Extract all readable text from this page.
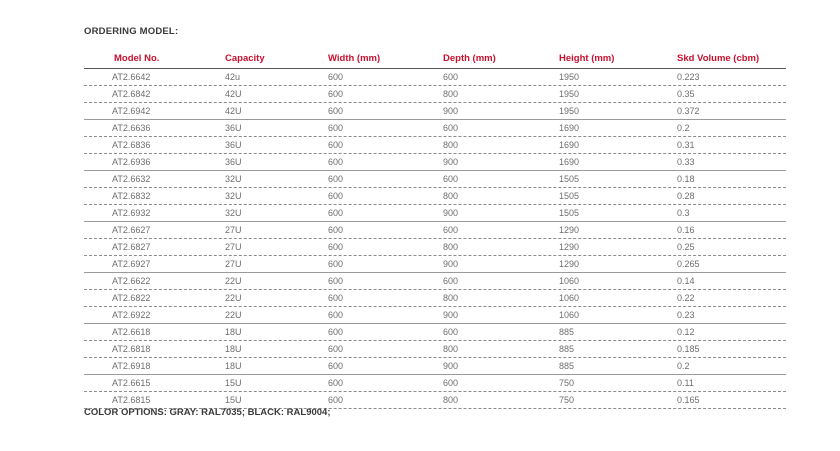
ORDERING MODEL:
Model No.	Capacity	Width (mm)	Depth (mm)	Height (mm)	Skd Volume (cbm)
AT2.6642	42u	600	600	1950	0.223
AT2.6842	42U	600	800	1950	0.35
AT2.6942	42U	600	900	1950	0.372
AT2.6636	36U	600	600	1690	0.2
AT2.6836	36U	600	800	1690	0.31
AT2.6936	36U	600	900	1690	0.33
AT2.6632	32U	600	600	1505	0.18
AT2.6832	32U	600	800	1505	0.28
AT2.6932	32U	600	900	1505	0.3
AT2.6627	27U	600	600	1290	0.16
AT2.6827	27U	600	800	1290	0.25
AT2.6927	27U	600	900	1290	0.265
AT2.6622	22U	600	600	1060	0.14
AT2.6822	22U	600	800	1060	0.22
AT2.6922	22U	600	900	1060	0.23
AT2.6618	18U	600	600	885	0.12
AT2.6818	18U	600	800	885	0.185
AT2.6918	18U	600	900	885	0.2
AT2.6615	15U	600	600	750	0.11
AT2.6815	15U	600	800	750	0.165
COLOR OPTIONS: GRAY: RAL7035; BLACK: RAL9004;
